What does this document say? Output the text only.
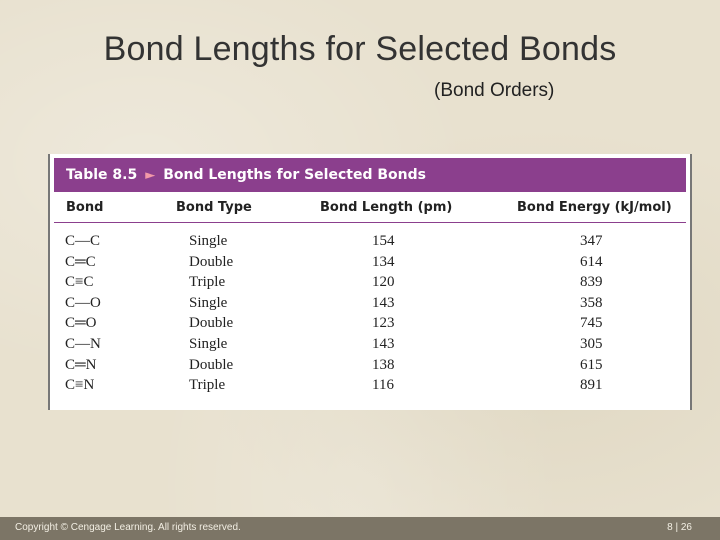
Bond Lengths for Selected Bonds
(Bond Orders)
Table 8.5 ► Bond Lengths for Selected Bonds
Bond	Bond Type	Bond Length (pm)	Bond Energy (kJ/mol)
C—C	Single	154	347
C═C	Double	134	614
C≡C	Triple	120	839
C—O	Single	143	358
C═O	Double	123	745
C—N	Single	143	305
C═N	Double	138	615
C≡N	Triple	116	891
Copyright © Cengage Learning. All rights reserved.	8 | 26
